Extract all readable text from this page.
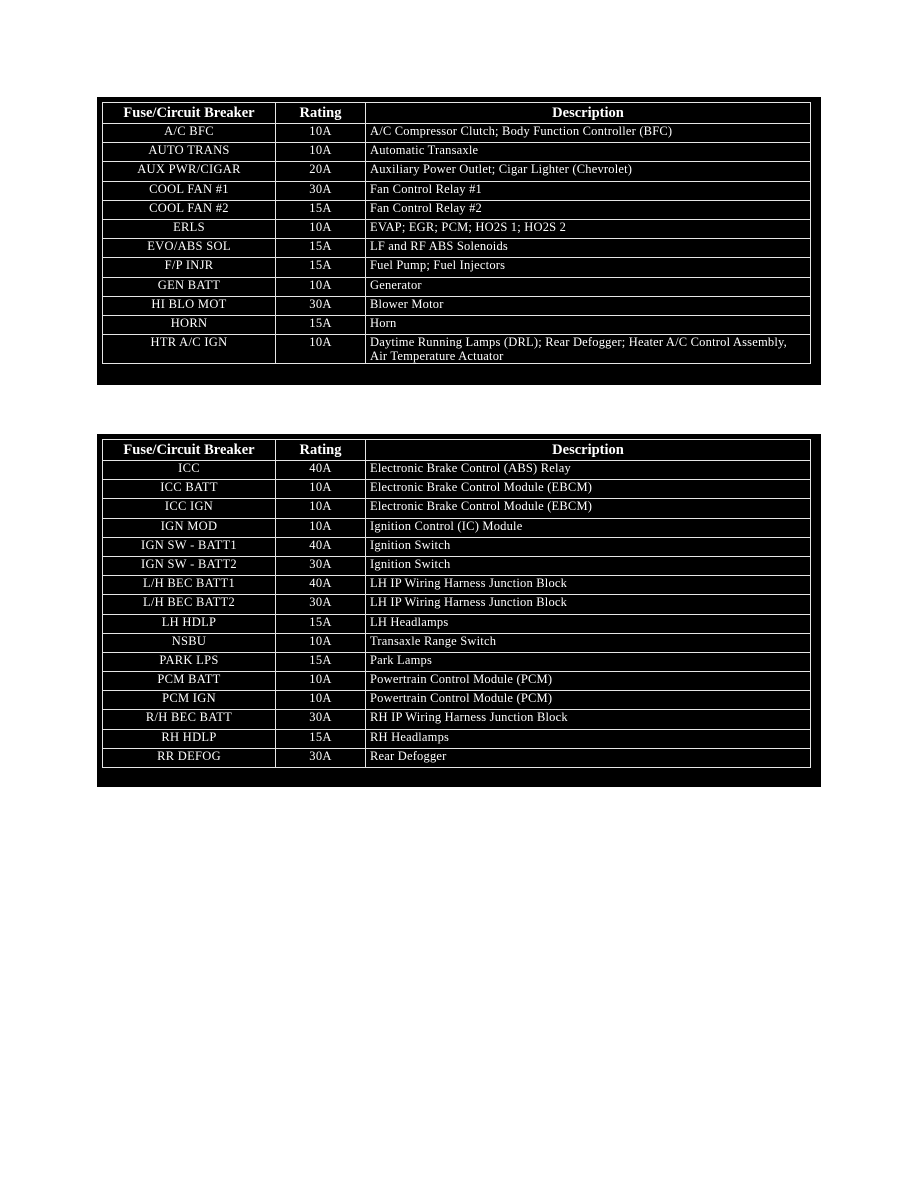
Fuse/Circuit Breaker	Rating	Description
A/C BFC	10A	A/C Compressor Clutch; Body Function Controller (BFC)
AUTO TRANS	10A	Automatic Transaxle
AUX PWR/CIGAR	20A	Auxiliary Power Outlet; Cigar Lighter (Chevrolet)
COOL FAN #1	30A	Fan Control Relay #1
COOL FAN #2	15A	Fan Control Relay #2
ERLS	10A	EVAP; EGR; PCM; HO2S 1; HO2S 2
EVO/ABS SOL	15A	LF and RF ABS Solenoids
F/P INJR	15A	Fuel Pump; Fuel Injectors
GEN BATT	10A	Generator
HI BLO MOT	30A	Blower Motor
HORN	15A	Horn
HTR A/C IGN	10A	Daytime Running Lamps (DRL); Rear Defogger; Heater A/C Control Assembly, Air Temperature Actuator
Fuse/Circuit Breaker	Rating	Description
ICC	40A	Electronic Brake Control (ABS) Relay
ICC BATT	10A	Electronic Brake Control Module (EBCM)
ICC IGN	10A	Electronic Brake Control Module (EBCM)
IGN MOD	10A	Ignition Control (IC) Module
IGN SW - BATT1	40A	Ignition Switch
IGN SW - BATT2	30A	Ignition Switch
L/H BEC BATT1	40A	LH IP Wiring Harness Junction Block
L/H BEC BATT2	30A	LH IP Wiring Harness Junction Block
LH HDLP	15A	LH Headlamps
NSBU	10A	Transaxle Range Switch
PARK LPS	15A	Park Lamps
PCM BATT	10A	Powertrain Control Module (PCM)
PCM IGN	10A	Powertrain Control Module (PCM)
R/H BEC BATT	30A	RH IP Wiring Harness Junction Block
RH HDLP	15A	RH Headlamps
RR DEFOG	30A	Rear Defogger
